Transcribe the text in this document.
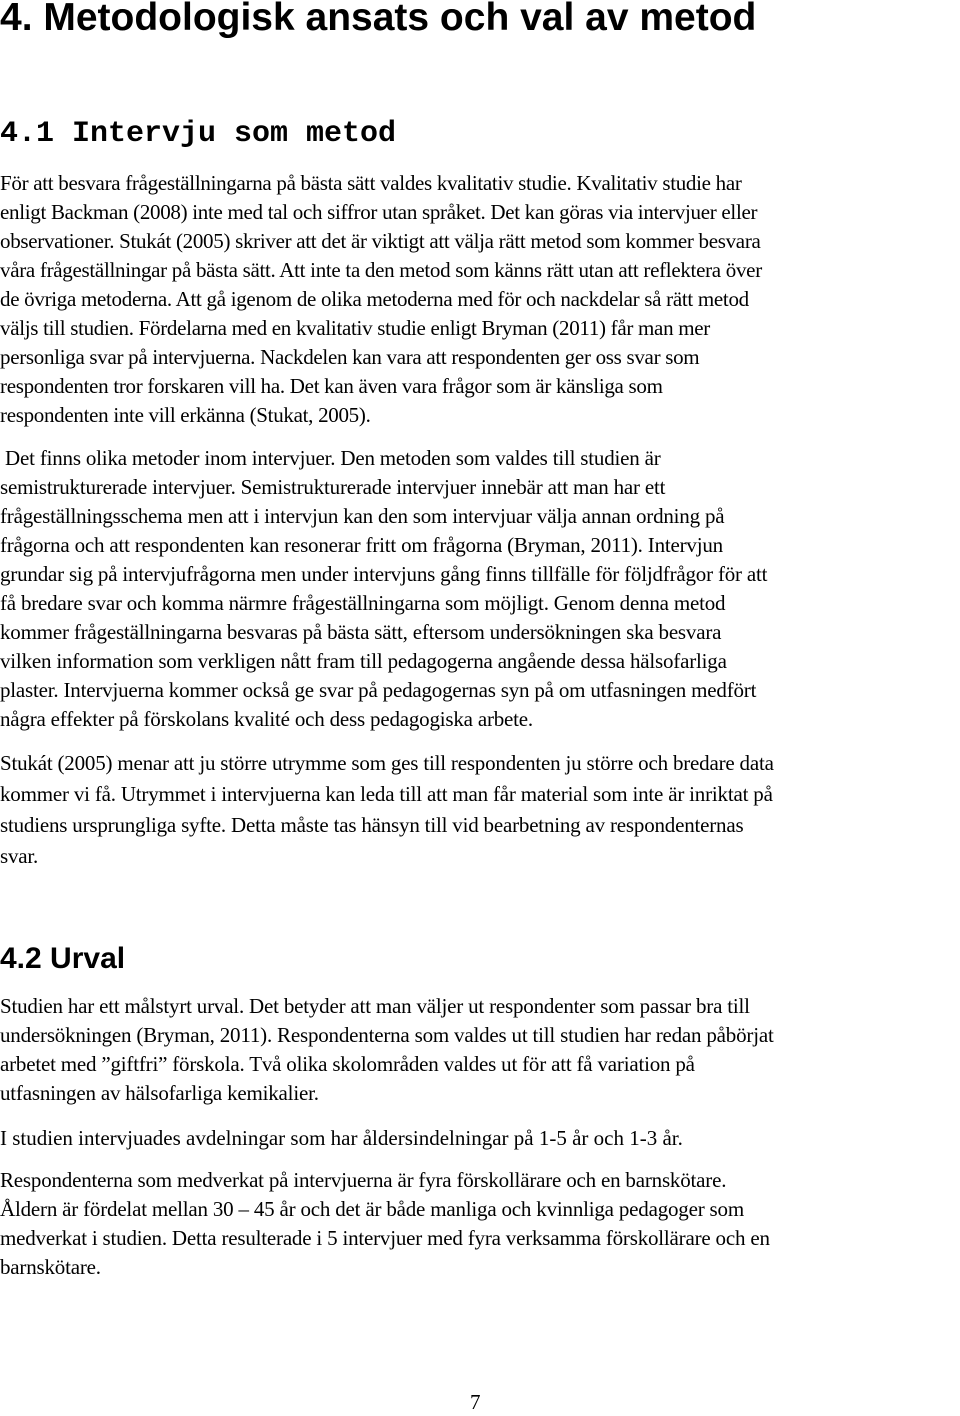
4. Metodologisk ansats och val av metod
4.1 Intervju som metod

För att besvara frågeställningarna på bästa sätt valdes kvalitativ studie. Kvalitativ studie har
enligt Backman (2008) inte med tal och siffror utan språket. Det kan göras via intervjuer eller
observationer. Stukát (2005) skriver att det är viktigt att välja rätt metod som kommer besvara
våra frågeställningar på bästa sätt. Att inte ta den metod som känns rätt utan att reflektera över
de övriga metoderna. Att gå igenom de olika metoderna med för och nackdelar så rätt metod
väljs till studien. Fördelarna med en kvalitativ studie enligt Bryman (2011) får man mer
personliga svar på intervjuerna. Nackdelen kan vara att respondenten ger oss svar som
respondenten tror forskaren vill ha. Det kan även vara frågor som är känsliga som
respondenten inte vill erkänna (Stukat, 2005).

Det finns olika metoder inom intervjuer. Den metoden som valdes till studien är
semistrukturerade intervjuer. Semistrukturerade intervjuer innebär att man har ett
frågeställningsschema men att i intervjun kan den som intervjuar välja annan ordning på
frågorna och att respondenten kan resonerar fritt om frågorna (Bryman, 2011). Intervjun
grundar sig på intervjufrågorna men under intervjuns gång finns tillfälle för följdfrågor för att
få bredare svar och komma närmre frågeställningarna som möjligt. Genom denna metod
kommer frågeställningarna besvaras på bästa sätt, eftersom undersökningen ska besvara
vilken information som verkligen nått fram till pedagogerna angående dessa hälsofarliga
plaster. Intervjuerna kommer också ge svar på pedagogernas syn på om utfasningen medfört
några effekter på förskolans kvalité och dess pedagogiska arbete.

Stukát (2005) menar att ju större utrymme som ges till respondenten ju större och bredare data
kommer vi få. Utrymmet i intervjuerna kan leda till att man får material som inte är inriktat på
studiens ursprungliga syfte. Detta måste tas hänsyn till vid bearbetning av respondenternas
svar.

4.2 Urval

Studien har ett målstyrt urval. Det betyder att man väljer ut respondenter som passar bra till
undersökningen (Bryman, 2011). Respondenterna som valdes ut till studien har redan påbörjat
arbetet med ”giftfri” förskola. Två olika skolområden valdes ut för att få variation på
utfasningen av hälsofarliga kemikalier.

I studien intervjuades avdelningar som har åldersindelningar på 1-5 år och 1-3 år.

Respondenterna som medverkat på intervjuerna är fyra förskollärare och en barnskötare.
Åldern är fördelat mellan 30 – 45 år och det är både manliga och kvinnliga pedagoger som
medverkat i studien. Detta resulterade i 5 intervjuer med fyra verksamma förskollärare och en
barnskötare.

7
